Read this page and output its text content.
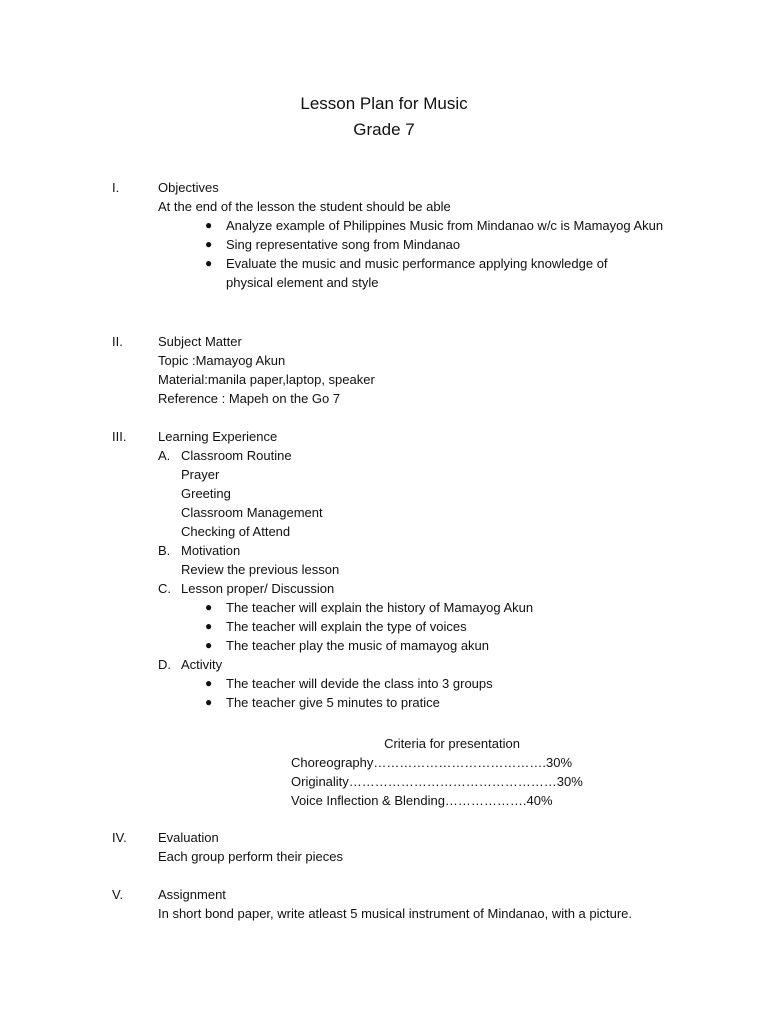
Lesson Plan for Music
Grade 7
I.	Objectives
At the end of the lesson the student should be able
● Analyze example of Philippines Music from Mindanao w/c is Mamayog Akun
● Sing representative song from Mindanao
● Evaluate the music and music performance applying knowledge of physical element and style
II.	Subject Matter
Topic :Mamayog Akun
Material:manila paper,laptop, speaker
Reference : Mapeh on the Go 7
III. Learning Experience
A. Classroom Routine
Prayer
Greeting
Classroom Management
Checking of Attend
B. Motivation
Review the previous lesson
C. Lesson proper/ Discussion
● The teacher will explain the history of Mamayog Akun
● The teacher will explain the type of voices
● The teacher play the music of mamayog akun
D. Activity
● The teacher will devide the class into 3 groups
● The teacher give 5 minutes to pratice
Criteria for presentation
Choreography………………………………….30%
Originality…………………………………………30%
Voice Inflection & Blending……………….40%
IV. Evaluation
Each group perform their pieces
V.	Assignment
In short bond paper, write atleast 5 musical instrument of Mindanao, with a picture.
